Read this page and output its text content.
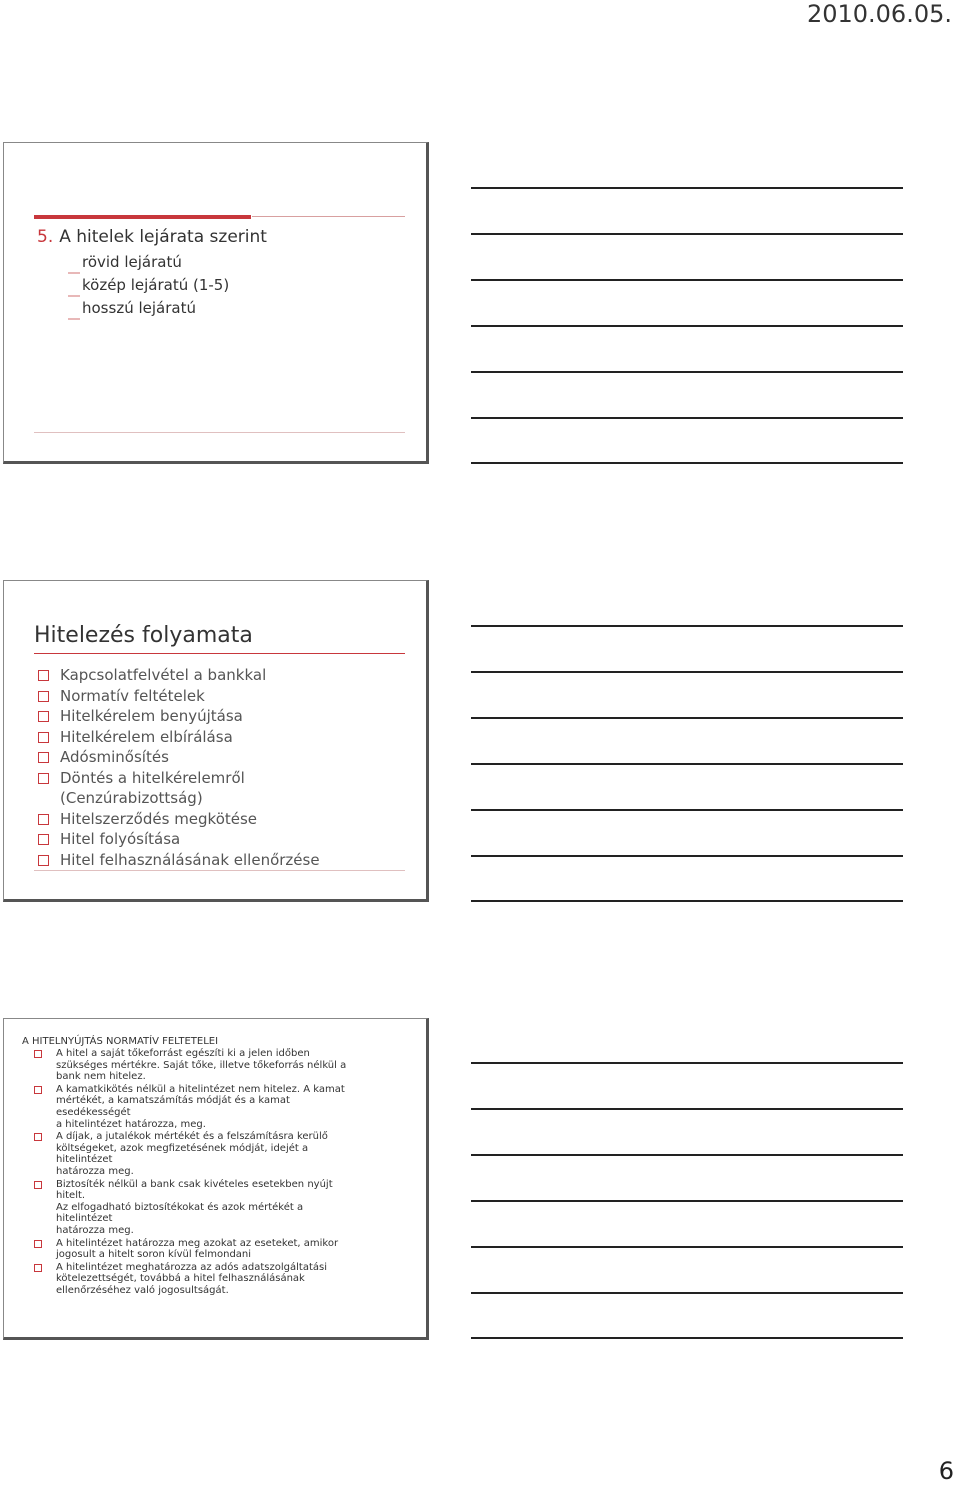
2010.06.05.
5. A hitelek lejárata szerint
rövid lejáratú
közép lejáratú (1-5)
hosszú lejáratú
Hitelezés folyamata
Kapcsolatfelvétel a bankkal
Normatív feltételek
Hitelkérelem benyújtása
Hitelkérelem elbírálása
Adósminősítés
Döntés a hitelkérelemről
(Cenzúrabizottság)
Hitelszerződés megkötése
Hitel folyósítása
Hitel felhasználásának ellenőrzése
A HITELNYÚJTÁS NORMATÍV FELTETELEI
A hitel a saját tőkeforrást egészíti ki a jelen időben
szükséges mértékre. Saját tőke, illetve tőkeforrás nélkül a
bank nem hitelez.
A kamatkikötés nélkül a hitelintézet nem hitelez. A kamat
mértékét, a kamatszámítás módját és a kamat
esedékességét
a hitelintézet határozza, meg.
A díjak, a jutalékok mértékét és a felszámításra kerülő
költségeket, azok megfizetésének módját, idejét a
hitelintézet
határozza meg.
Biztosíték nélkül a bank csak kivételes esetekben nyújt
hitelt.
Az elfogadható biztosítékokat és azok mértékét a
hitelintézet
határozza meg.
A hitelintézet határozza meg azokat az eseteket, amikor
jogosult a hitelt soron kívül felmondani
A hitelintézet meghatározza az adós adatszolgáltatási
kötelezettségét, továbbá a hitel felhasználásának
ellenőrzéséhez való jogosultságát.
6
